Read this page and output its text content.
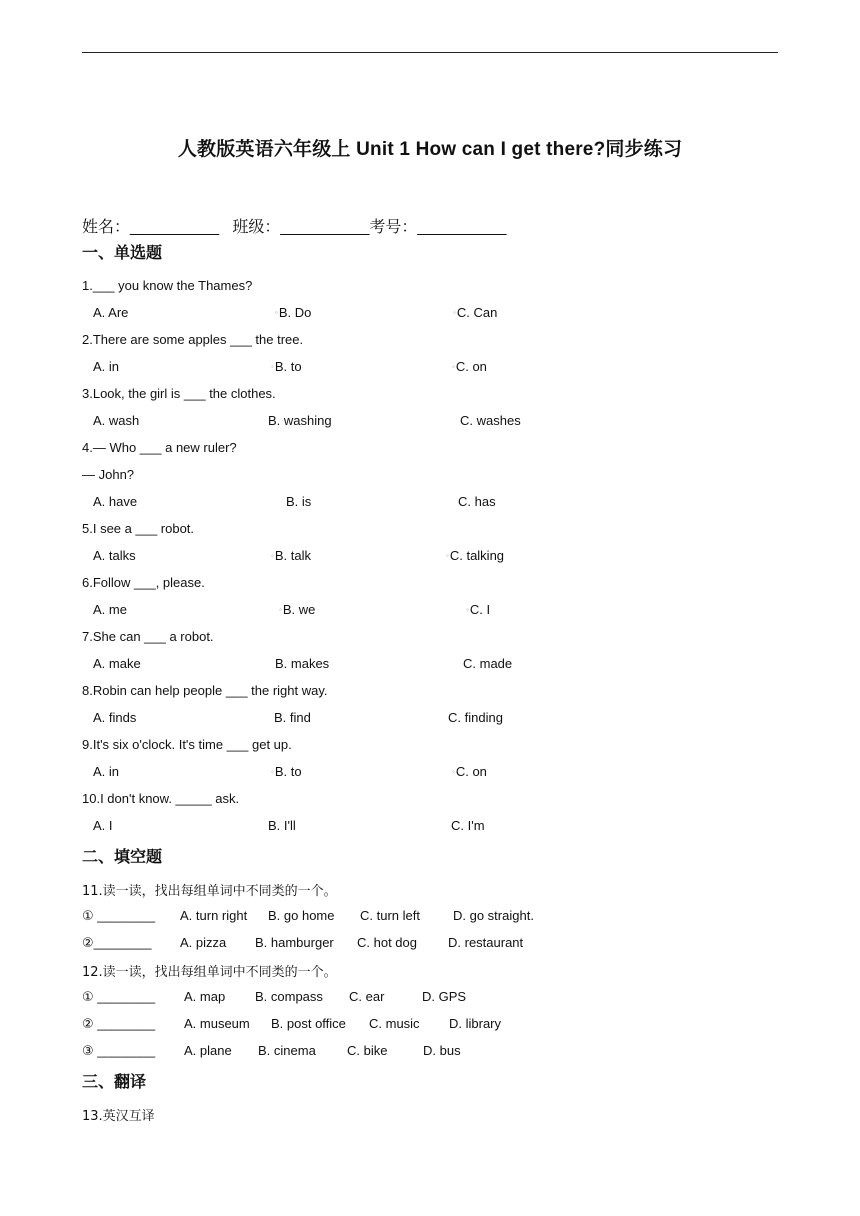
人教版英语六年级上 Unit 1 How can I get there?同步练习
姓名：__________ 班级：__________考号：__________
一、单选题
1.___ you know the Thames?
A. Are	◦B. Do	◦C. Can
2.There are some apples ___ the tree.
A. in	◦B. to	◦C. on
3.Look, the girl is ___ the clothes.
A. wash	B. washing	C. washes
4.— Who ___ a new ruler?
— John?
A. have	B. is	C. has
5.I see a ___ robot.
A. talks	◦B. talk	◦C. talking
6.Follow ___, please.
A. me	◦B. we	◦C. I
7.She can ___ a robot.
A. make	B. makes	C. made
8.Robin can help people ___ the right way.
A. finds	B. find	C. finding
9.It's six o'clock. It's time ___ get up.
A. in	◦B. to	◦C. on
10.I don't know. _____ ask.
A. I	B. I'll	C. I'm
二、填空题
11.读一读，找出每组单词中不同类的一个。
① ________ A. turn right B. go home C. turn left	D. go straight.
②________ A. pizza B. hamburger C. hot dog D. restaurant
12.读一读，找出每组单词中不同类的一个。
① ________ A. map B. compass C. ear	D. GPS
② ________ A. museum B. post office C. music D. library
③ ________ A. plane B. cinema C. bike	D. bus
三、翻译
13.英汉互译
